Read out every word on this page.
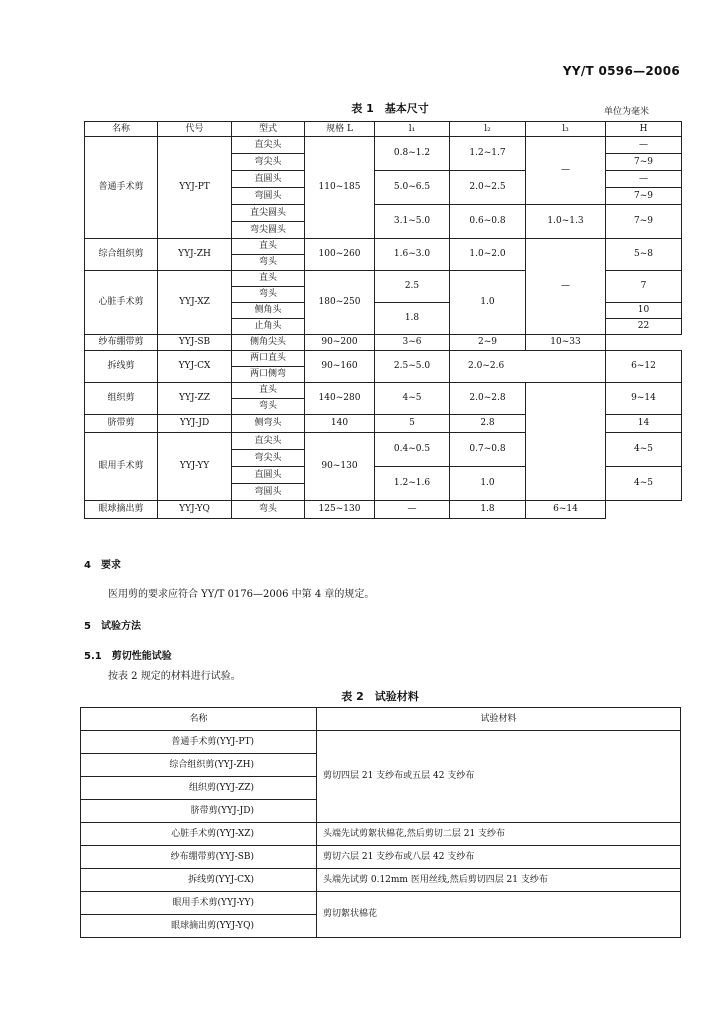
YY/T 0596—2006
表 1　基本尺寸	单位为毫米
名称	代号	型式	规格 L	l₁	l₂	l₃	H
普通手术剪	YYJ-PT	直尖头	110~185	0.8~1.2	1.2~1.7	—	—
		弯尖头					7~9
		直圆头		5.0~6.5	2.0~2.5		—
		弯圆头					7~9
		直尖圆头		3.1~5.0	0.6~0.8	1.0~1.3	7~9
		弯尖圆头					
综合组织剪	YYJ-ZH	直头	100~260	1.6~3.0	1.0~2.0	—	5~8
		弯头					
心脏手术剪	YYJ-XZ	直头	180~250	2.5	1.0		7
		弯头					
		侧角头		1.8			10
		止角头					22
纱布绷带剪	YYJ-SB	侧角尖头	90~200	3~6	2~9	10~33	
拆线剪	YYJ-CX	两口直头	90~160	2.5~5.0	2.0~2.6		6~12
		两口侧弯					
组织剪	YYJ-ZZ	直头	140~280	4~5	2.0~2.8		9~14
		弯头					
脐带剪	YYJ-JD	侧弯头	140	5	2.8		14
眼用手术剪	YYJ-YY	直尖头	90~130	0.4~0.5	0.7~0.8		4~5
		弯尖头					
		直圆头		1.2~1.6	1.0		4~5
		弯圆头					
眼球摘出剪	YYJ-YQ	弯头	125~130	—	1.8	6~14	
4　要求
医用剪的要求应符合 YY/T 0176—2006 中第 4 章的规定。
5　试验方法
5.1　剪切性能试验
按表 2 规定的材料进行试验。
表 2　试验材料
名称	试验材料
普通手术剪(YYJ-PT)	剪切四层 21 支纱布或五层 42 支纱布
综合组织剪(YYJ-ZH)	
组织剪(YYJ-ZZ)	
脐带剪(YYJ-JD)	
心脏手术剪(YYJ-XZ)	头端先试剪絮状棉花,然后剪切二层 21 支纱布
纱布绷带剪(YYJ-SB)	剪切六层 21 支纱布或八层 42 支纱布
拆线剪(YYJ-CX)	头端先试剪 0.12mm 医用丝线,然后剪切四层 21 支纱布
眼用手术剪(YYJ-YY)	剪切絮状棉花
眼球摘出剪(YYJ-YQ)	
